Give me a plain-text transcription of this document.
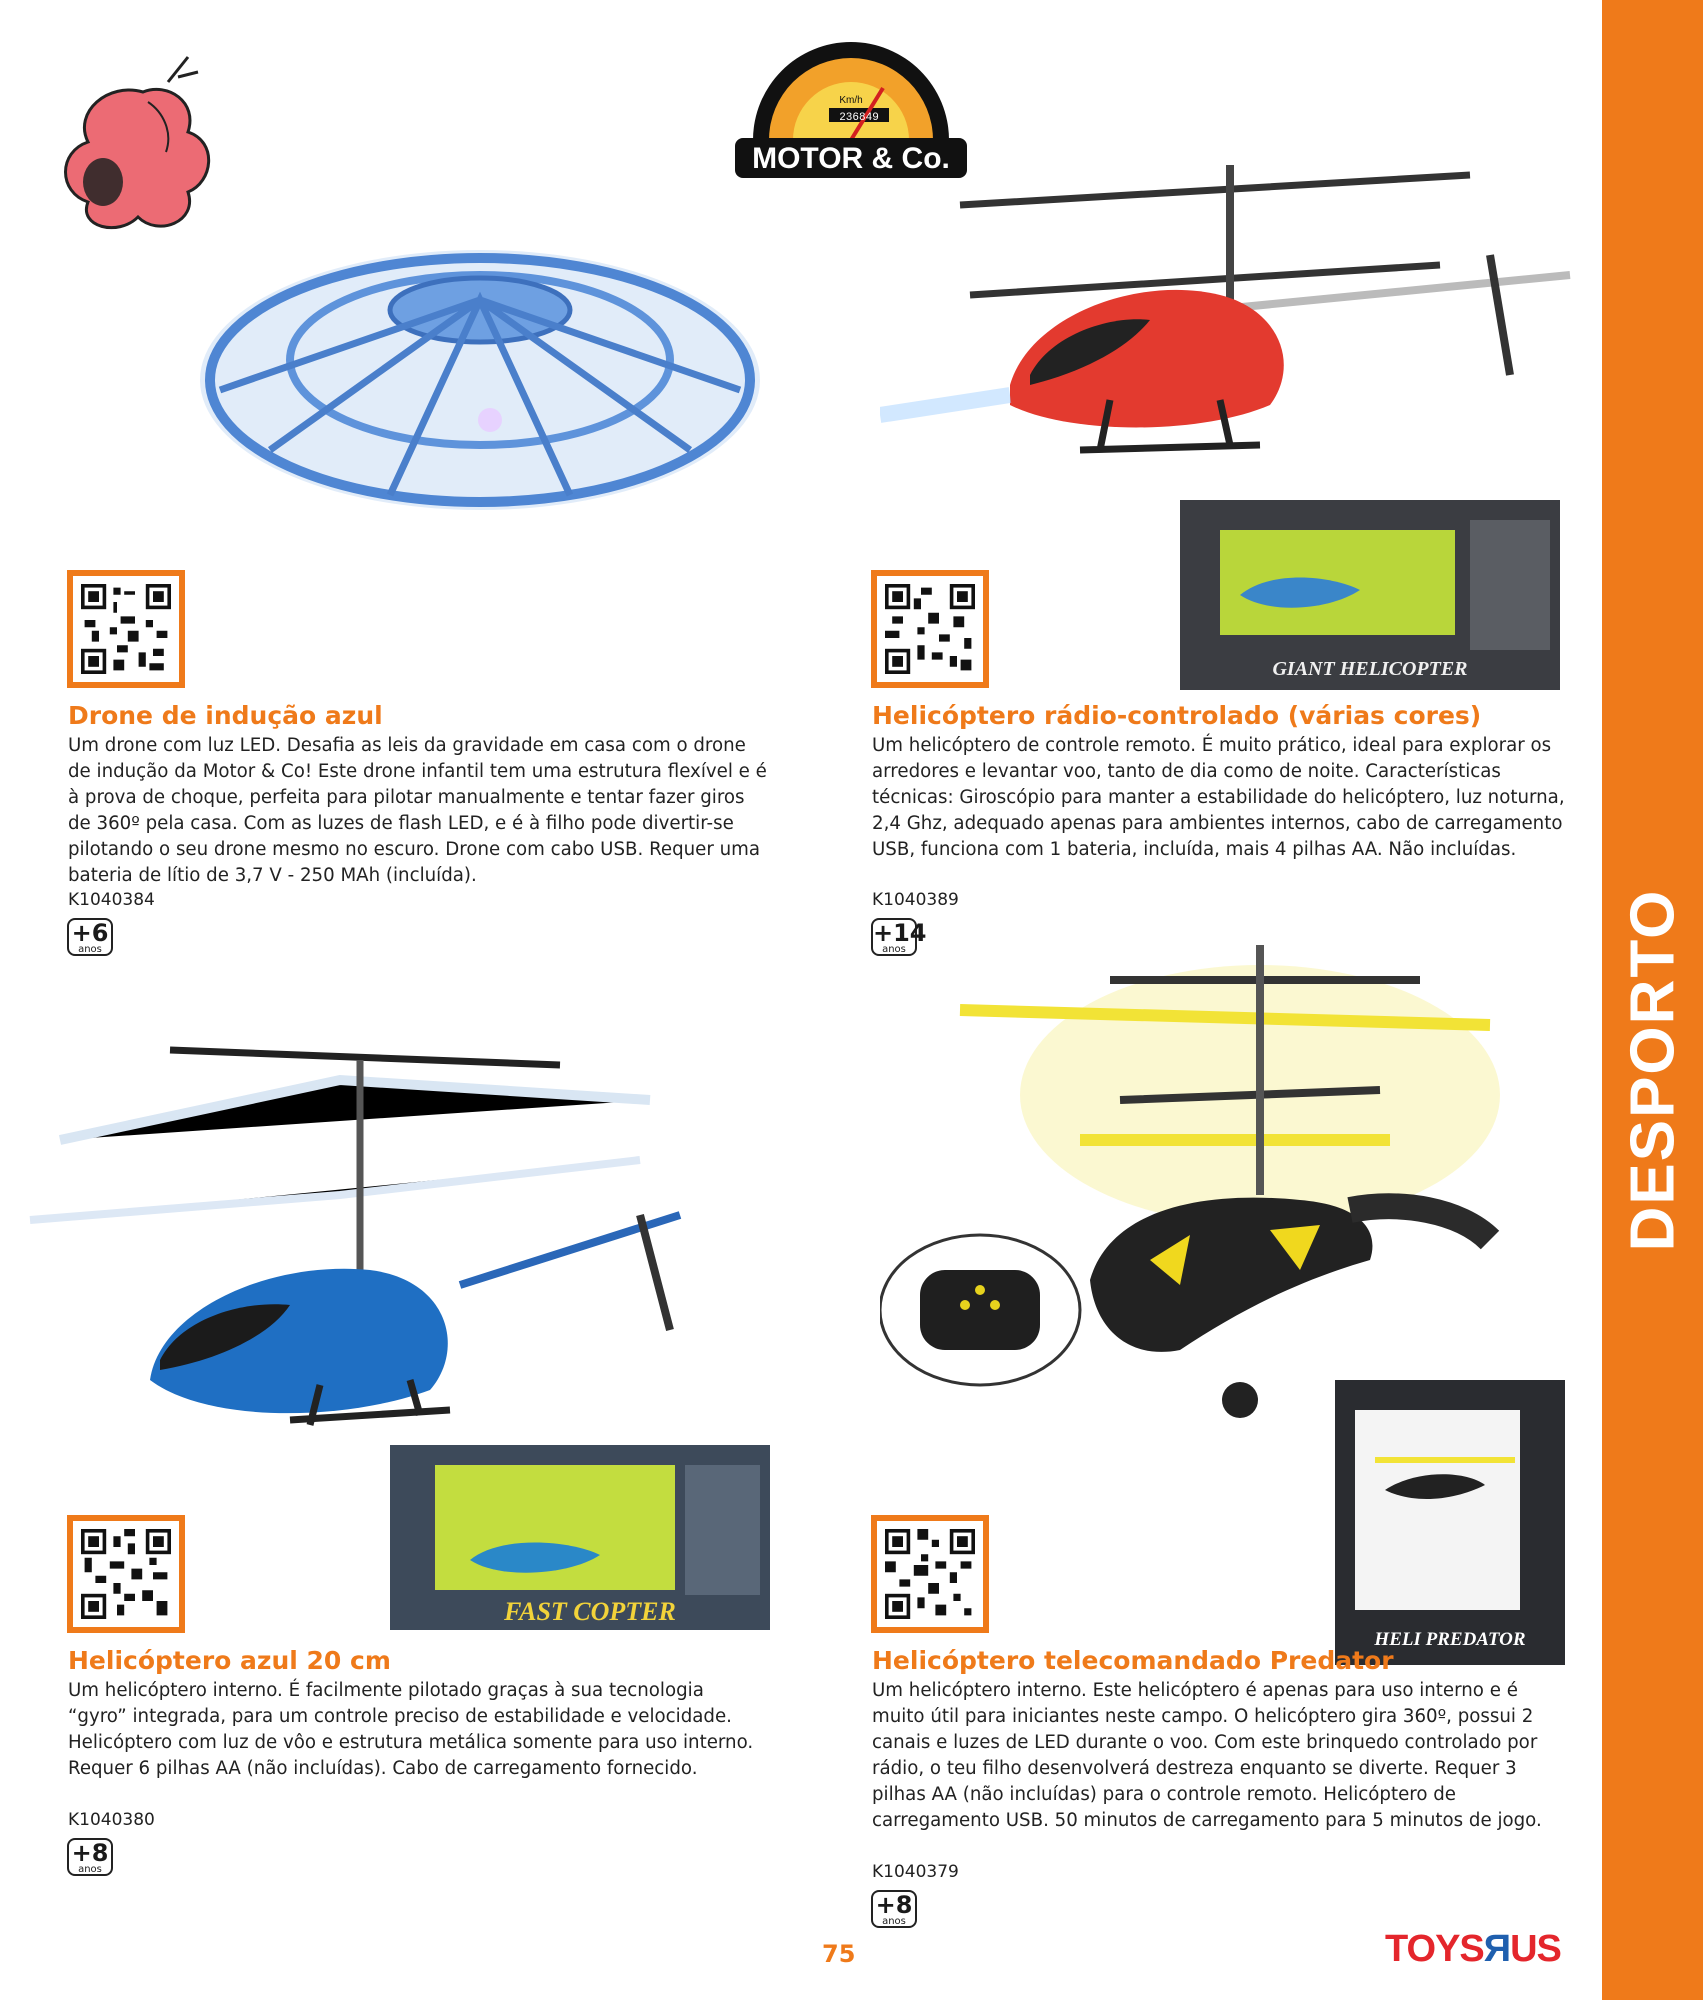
DESPORTO
MOTOR & Co.
Km/h
236849
Drone de indução azul
Um drone com luz LED. Desafia as leis da gravidade em casa com o drone de indução da Motor & Co! Este drone infantil tem uma estrutura flexível e é à prova de choque, perfeita para pilotar manualmente e tentar fazer giros de 360º pela casa. Com as luzes de flash LED, e é à filho pode divertir-se pilotando o seu drone mesmo no escuro. Drone com cabo USB. Requer uma bateria de lítio de 3,7 V - 250 MAh (incluída).
K1040384
+6
anos
GIANT HELICOPTER
Helicóptero rádio-controlado (várias cores)
Um helicóptero de controle remoto. É muito prático, ideal para explorar os arredores e levantar voo, tanto de dia como de noite. Características técnicas: Giroscópio para manter a estabilidade do helicóptero, luz noturna, 2,4 Ghz, adequado apenas para ambientes internos, cabo de carregamento USB, funciona com 1 bateria, incluída, mais 4 pilhas AA. Não incluídas.
K1040389
+14
anos
FAST COPTER
Helicóptero azul 20 cm
Um helicóptero interno. É facilmente pilotado graças à sua tecnologia “gyro” integrada, para um controle preciso de estabilidade e velocidade. Helicóptero com luz de vôo e estrutura metálica somente para uso interno. Requer 6 pilhas AA (não incluídas). Cabo de carregamento fornecido.
K1040380
+8
anos
HELI PREDATOR
Helicóptero telecomandado Predator
Um helicóptero interno. Este helicóptero é apenas para uso interno e é muito útil para iniciantes neste campo. O helicóptero gira 360º, possui 2 canais e luzes de LED durante o voo. Com este brinquedo controlado por rádio, o teu filho desenvolverá destreza enquanto se diverte. Requer 3 pilhas AA (não incluídas) para o controle remoto. Helicóptero de carregamento USB. 50 minutos de carregamento para 5 minutos de jogo.
K1040379
+8
anos
75	TOYSЯUS
